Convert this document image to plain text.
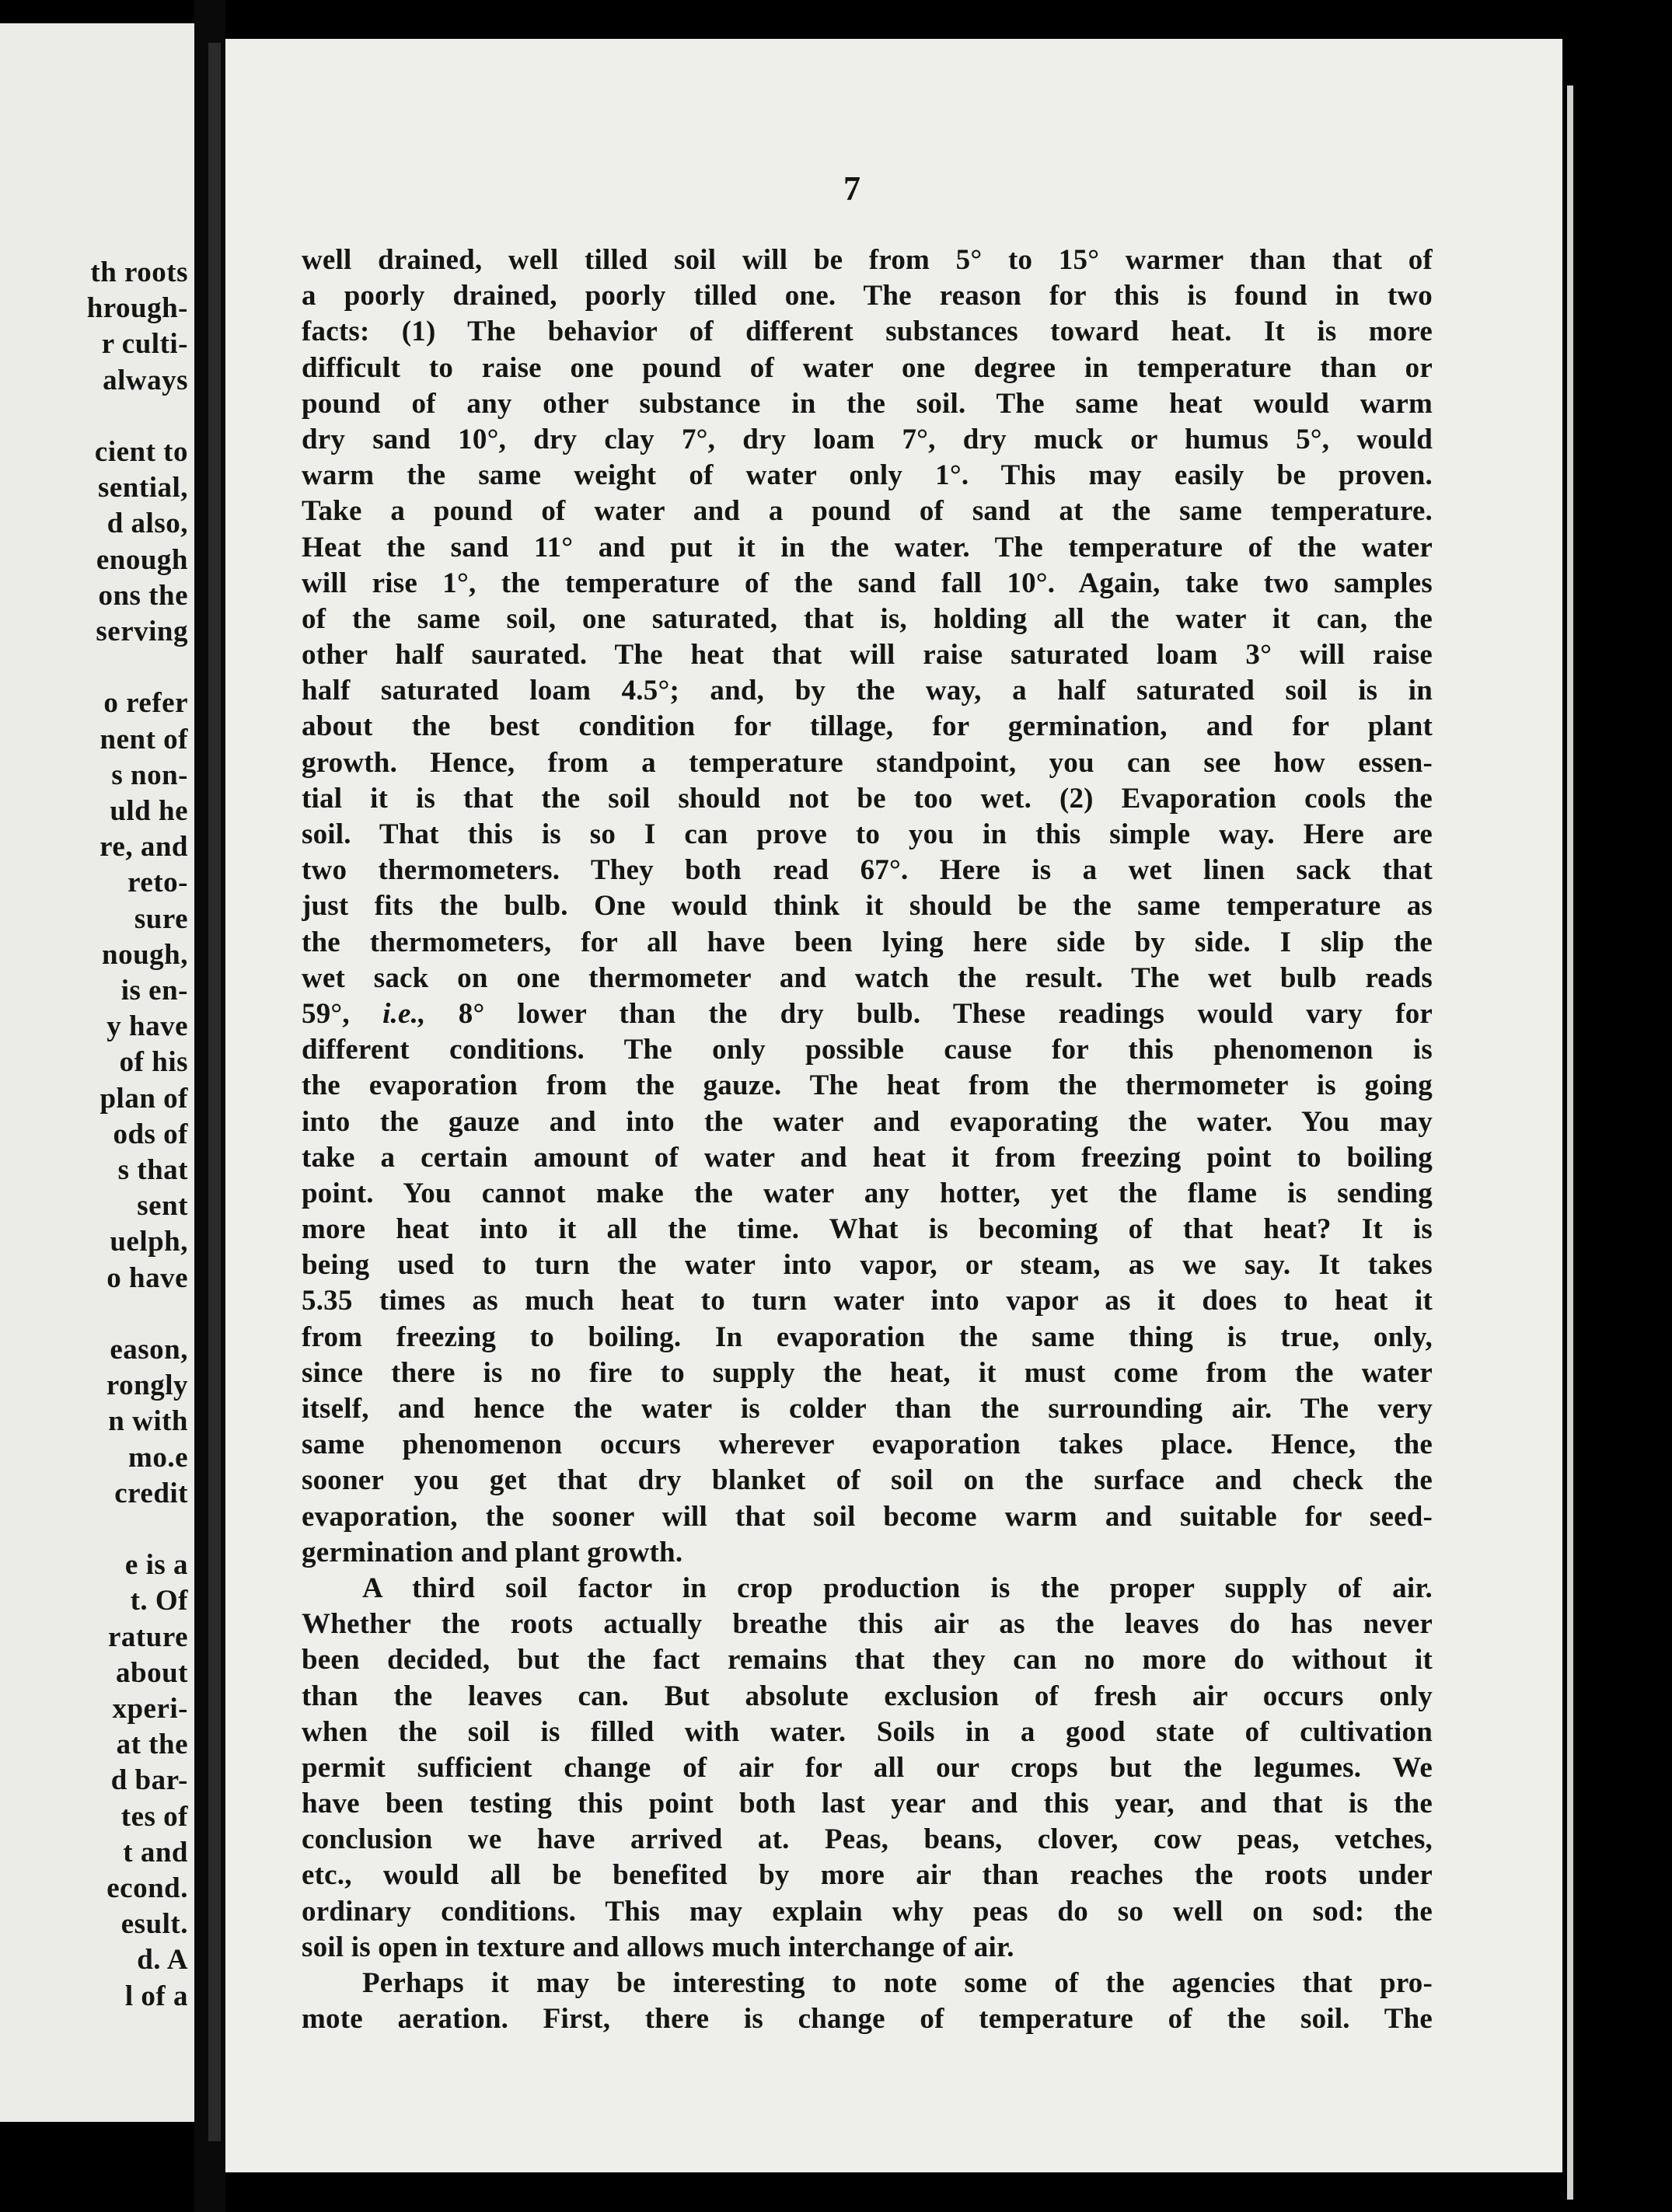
th roots
hrough-
r culti-
always
cient to
sential,
d also,
enough
ons the
serving
o refer
nent of
s non-
uld he
re, and
reto-
sure
nough,
is en-
y have
of his
plan of
ods of
s that
sent
uelph,
o have
eason,
rongly
n with
mo.e
credit
e is a
t. Of
rature
about
xperi-
at the
d bar-
tes of
t and
econd.
esult.
d. A
l of a
7
well drained, well tilled soil will be from 5° to 15° warmer than that of
a poorly drained, poorly tilled one. The reason for this is found in two
facts: (1) The behavior of different substances toward heat. It is more
difficult to raise one pound of water one degree in temperature than or
pound of any other substance in the soil. The same heat would warm
dry sand 10°, dry clay 7°, dry loam 7°, dry muck or humus 5°, would
warm the same weight of water only 1°. This may easily be proven.
Take a pound of water and a pound of sand at the same temperature.
Heat the sand 11° and put it in the water. The temperature of the water
will rise 1°, the temperature of the sand fall 10°. Again, take two samples
of the same soil, one saturated, that is, holding all the water it can, the
other half saurated. The heat that will raise saturated loam 3° will raise
half saturated loam 4.5°; and, by the way, a half saturated soil is in
about the best condition for tillage, for germination, and for plant
growth. Hence, from a temperature standpoint, you can see how essen-
tial it is that the soil should not be too wet. (2) Evaporation cools the
soil. That this is so I can prove to you in this simple way. Here are
two thermometers. They both read 67°. Here is a wet linen sack that
just fits the bulb. One would think it should be the same temperature as
the thermometers, for all have been lying here side by side. I slip the
wet sack on one thermometer and watch the result. The wet bulb reads
59°, i.e., 8° lower than the dry bulb. These readings would vary for
different conditions. The only possible cause for this phenomenon is
the evaporation from the gauze. The heat from the thermometer is going
into the gauze and into the water and evaporating the water. You may
take a certain amount of water and heat it from freezing point to boiling
point. You cannot make the water any hotter, yet the flame is sending
more heat into it all the time. What is becoming of that heat? It is
being used to turn the water into vapor, or steam, as we say. It takes
5.35 times as much heat to turn water into vapor as it does to heat it
from freezing to boiling. In evaporation the same thing is true, only,
since there is no fire to supply the heat, it must come from the water
itself, and hence the water is colder than the surrounding air. The very
same phenomenon occurs wherever evaporation takes place. Hence, the
sooner you get that dry blanket of soil on the surface and check the
evaporation, the sooner will that soil become warm and suitable for seed-
germination and plant growth.
A third soil factor in crop production is the proper supply of air.
Whether the roots actually breathe this air as the leaves do has never
been decided, but the fact remains that they can no more do without it
than the leaves can. But absolute exclusion of fresh air occurs only
when the soil is filled with water. Soils in a good state of cultivation
permit sufficient change of air for all our crops but the legumes. We
have been testing this point both last year and this year, and that is the
conclusion we have arrived at. Peas, beans, clover, cow peas, vetches,
etc., would all be benefited by more air than reaches the roots under
ordinary conditions. This may explain why peas do so well on sod: the
soil is open in texture and allows much interchange of air.
Perhaps it may be interesting to note some of the agencies that pro-
mote aeration. First, there is change of temperature of the soil. The
